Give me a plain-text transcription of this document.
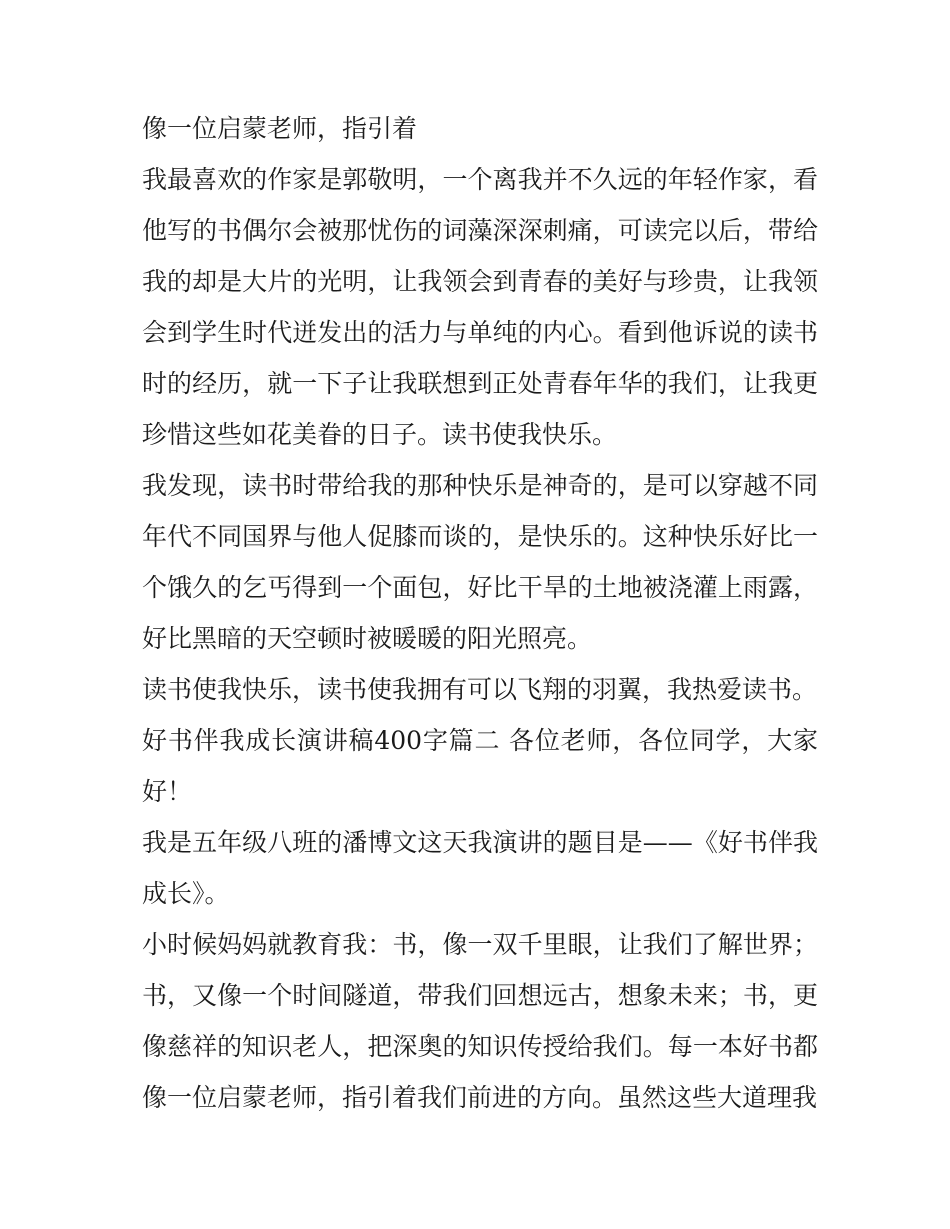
像一位启蒙老师，指引着

我最喜欢的作家是郭敬明，一个离我并不久远的年轻作家，看他写的书偶尔会被那忧伤的词藻深深刺痛，可读完以后，带给我的却是大片的光明，让我领会到青春的美好与珍贵，让我领会到学生时代迸发出的活力与单纯的内心。看到他诉说的读书时的经历，就一下子让我联想到正处青春年华的我们，让我更珍惜这些如花美眷的日子。读书使我快乐。

我发现，读书时带给我的那种快乐是神奇的，是可以穿越不同年代不同国界与他人促膝而谈的，是快乐的。这种快乐好比一个饿久的乞丐得到一个面包，好比干旱的土地被浇灌上雨露，好比黑暗的天空顿时被暖暖的阳光照亮。

读书使我快乐，读书使我拥有可以飞翔的羽翼，我热爱读书。

好书伴我成长演讲稿400字篇二 各位老师，各位同学，大家好！

我是五年级八班的潘博文这天我演讲的题目是——《好书伴我成长》。

小时候妈妈就教育我：书，像一双千里眼，让我们了解世界；书，又像一个时间隧道，带我们回想远古，想象未来；书，更像慈祥的知识老人，把深奥的知识传授给我们。每一本好书都像一位启蒙老师，指引着我们前进的方向。虽然这些大道理我
